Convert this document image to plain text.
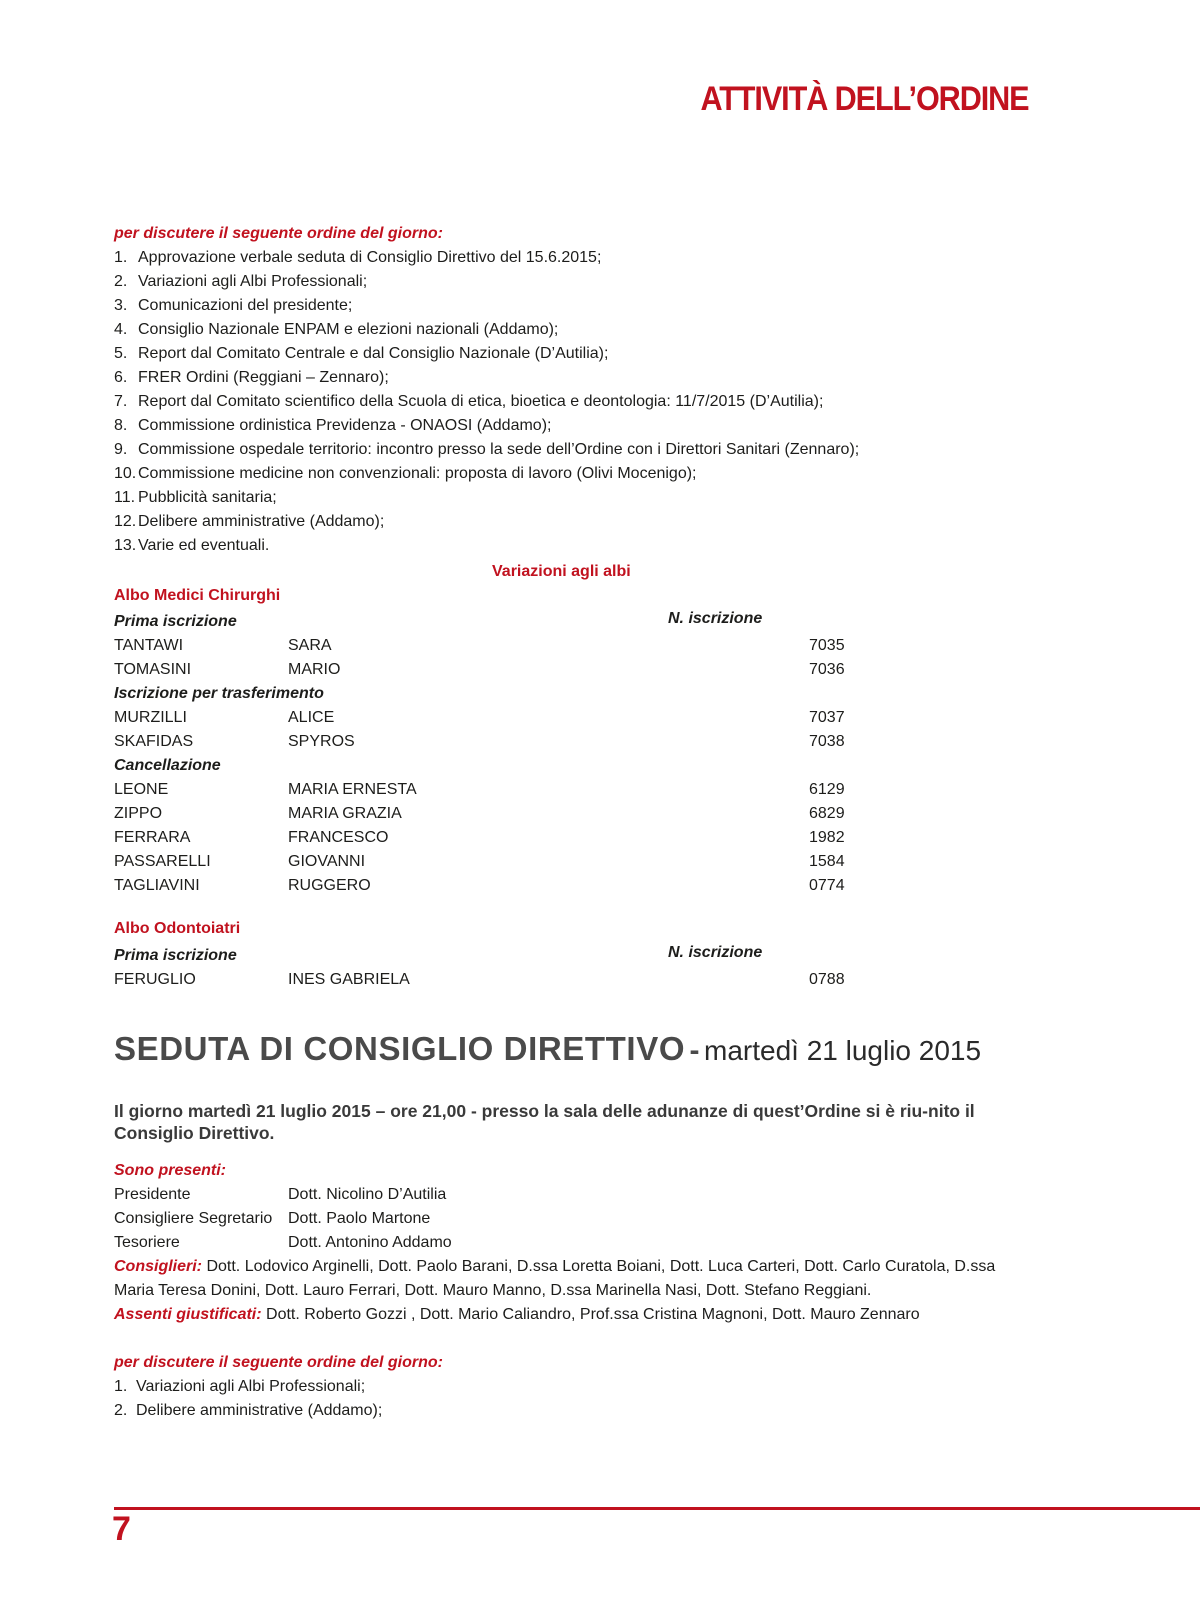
ATTIVITÀ DELL’ORDINE
per discutere il seguente ordine del giorno:
1. Approvazione verbale seduta di Consiglio Direttivo del 15.6.2015;
2. Variazioni agli Albi Professionali;
3. Comunicazioni del presidente;
4. Consiglio Nazionale ENPAM e elezioni nazionali (Addamo);
5. Report dal Comitato Centrale e dal Consiglio Nazionale (D’Autilia);
6. FRER Ordini (Reggiani – Zennaro);
7. Report dal Comitato scientifico della Scuola di etica, bioetica e deontologia: 11/7/2015 (D’Autilia);
8. Commissione ordinistica Previdenza - ONAOSI (Addamo);
9. Commissione ospedale territorio: incontro presso la sede dell’Ordine con i Direttori Sanitari (Zennaro);
10. Commissione medicine non convenzionali: proposta di lavoro (Olivi Mocenigo);
11. Pubblicità sanitaria;
12. Delibere amministrative (Addamo);
13. Varie ed eventuali.
Variazioni agli albi
Albo Medici Chirurghi
Prima iscrizione	N. iscrizione
TANTAWI	SARA	7035
TOMASINI	MARIO	7036
Iscrizione per trasferimento
MURZILLI	ALICE	7037
SKAFIDAS	SPYROS	7038
Cancellazione
LEONE	MARIA ERNESTA	6129
ZIPPO	MARIA GRAZIA	6829
FERRARA	FRANCESCO	1982
PASSARELLI	GIOVANNI	1584
TAGLIAVINI	RUGGERO	0774
Albo Odontoiatri
Prima iscrizione	N. iscrizione
FERUGLIO	INES GABRIELA	0788
SEDUTA DI CONSIGLIO DIRETTIVO - martedì 21 luglio 2015
Il giorno martedì 21 luglio 2015 – ore 21,00 - presso la sala delle adunanze di quest’Ordine si è riu-nito il Consiglio Direttivo.
Sono presenti:
Presidente	Dott. Nicolino D’Autilia
Consigliere Segretario Dott. Paolo Martone
Tesoriere	Dott. Antonino Addamo
Consiglieri: Dott. Lodovico Arginelli, Dott. Paolo Barani, D.ssa Loretta Boiani, Dott. Luca Carteri, Dott. Carlo Curatola, D.ssa Maria Teresa Donini, Dott. Lauro Ferrari, Dott. Mauro Manno, D.ssa Marinella Nasi, Dott. Stefano Reggiani.
Assenti giustificati: Dott. Roberto Gozzi , Dott. Mario Caliandro, Prof.ssa Cristina Magnoni, Dott. Mauro Zennaro
per discutere il seguente ordine del giorno:
1. Variazioni agli Albi Professionali;
2. Delibere amministrative (Addamo);
7
